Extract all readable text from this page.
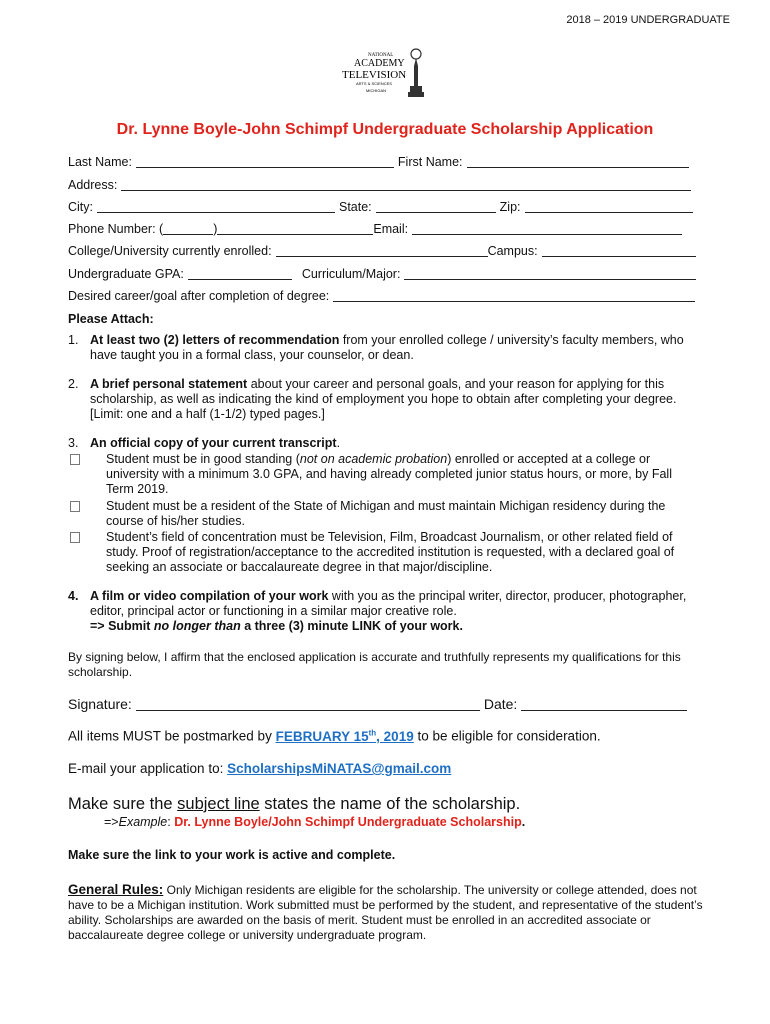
2018 – 2019 UNDERGRADUATE
NATIONAL
ACADEMY
TELEVISION
ARTS & SCIENCES
MICHIGAN
Dr. Lynne Boyle-John Schimpf Undergraduate Scholarship Application
Last Name:	First Name:
Address:
City:	State:	Zip:
Phone Number: (	)	Email:
College/University currently enrolled:	Campus:
Undergraduate GPA:	Curriculum/Major:
Desired career/goal after completion of degree:
Please Attach:
1. At least two (2) letters of recommendation from your enrolled college / university’s faculty members, who have taught you in a formal class, your counselor, or dean.
2. A brief personal statement about your career and personal goals, and your reason for applying for this scholarship, as well as indicating the kind of employment you hope to obtain after completing your degree. [Limit: one and a half (1-1/2) typed pages.]
3. An official copy of your current transcript.
Student must be in good standing (not on academic probation) enrolled or accepted at a college or university with a minimum 3.0 GPA, and having already completed junior status hours, or more, by Fall Term 2019.
Student must be a resident of the State of Michigan and must maintain Michigan residency during the course of his/her studies.
Student’s field of concentration must be Television, Film, Broadcast Journalism, or other related field of study. Proof of registration/acceptance to the accredited institution is requested, with a declared goal of seeking an associate or baccalaureate degree in that major/discipline.
4. A film or video compilation of your work with you as the principal writer, director, producer, photographer, editor, principal actor or functioning in a similar major creative role.
=> Submit no longer than a three (3) minute LINK of your work.
By signing below, I affirm that the enclosed application is accurate and truthfully represents my qualifications for this scholarship.
Signature:	Date:
All items MUST be postmarked by FEBRUARY 15th, 2019 to be eligible for consideration.
E-mail your application to: ScholarshipsMiNATAS@gmail.com
Make sure the subject line states the name of the scholarship.
=>Example: Dr. Lynne Boyle/John Schimpf Undergraduate Scholarship.
Make sure the link to your work is active and complete.
General Rules: Only Michigan residents are eligible for the scholarship. The university or college attended, does not have to be a Michigan institution. Work submitted must be performed by the student, and representative of the student’s ability. Scholarships are awarded on the basis of merit. Student must be enrolled in an accredited associate or baccalaureate degree college or university undergraduate program.
